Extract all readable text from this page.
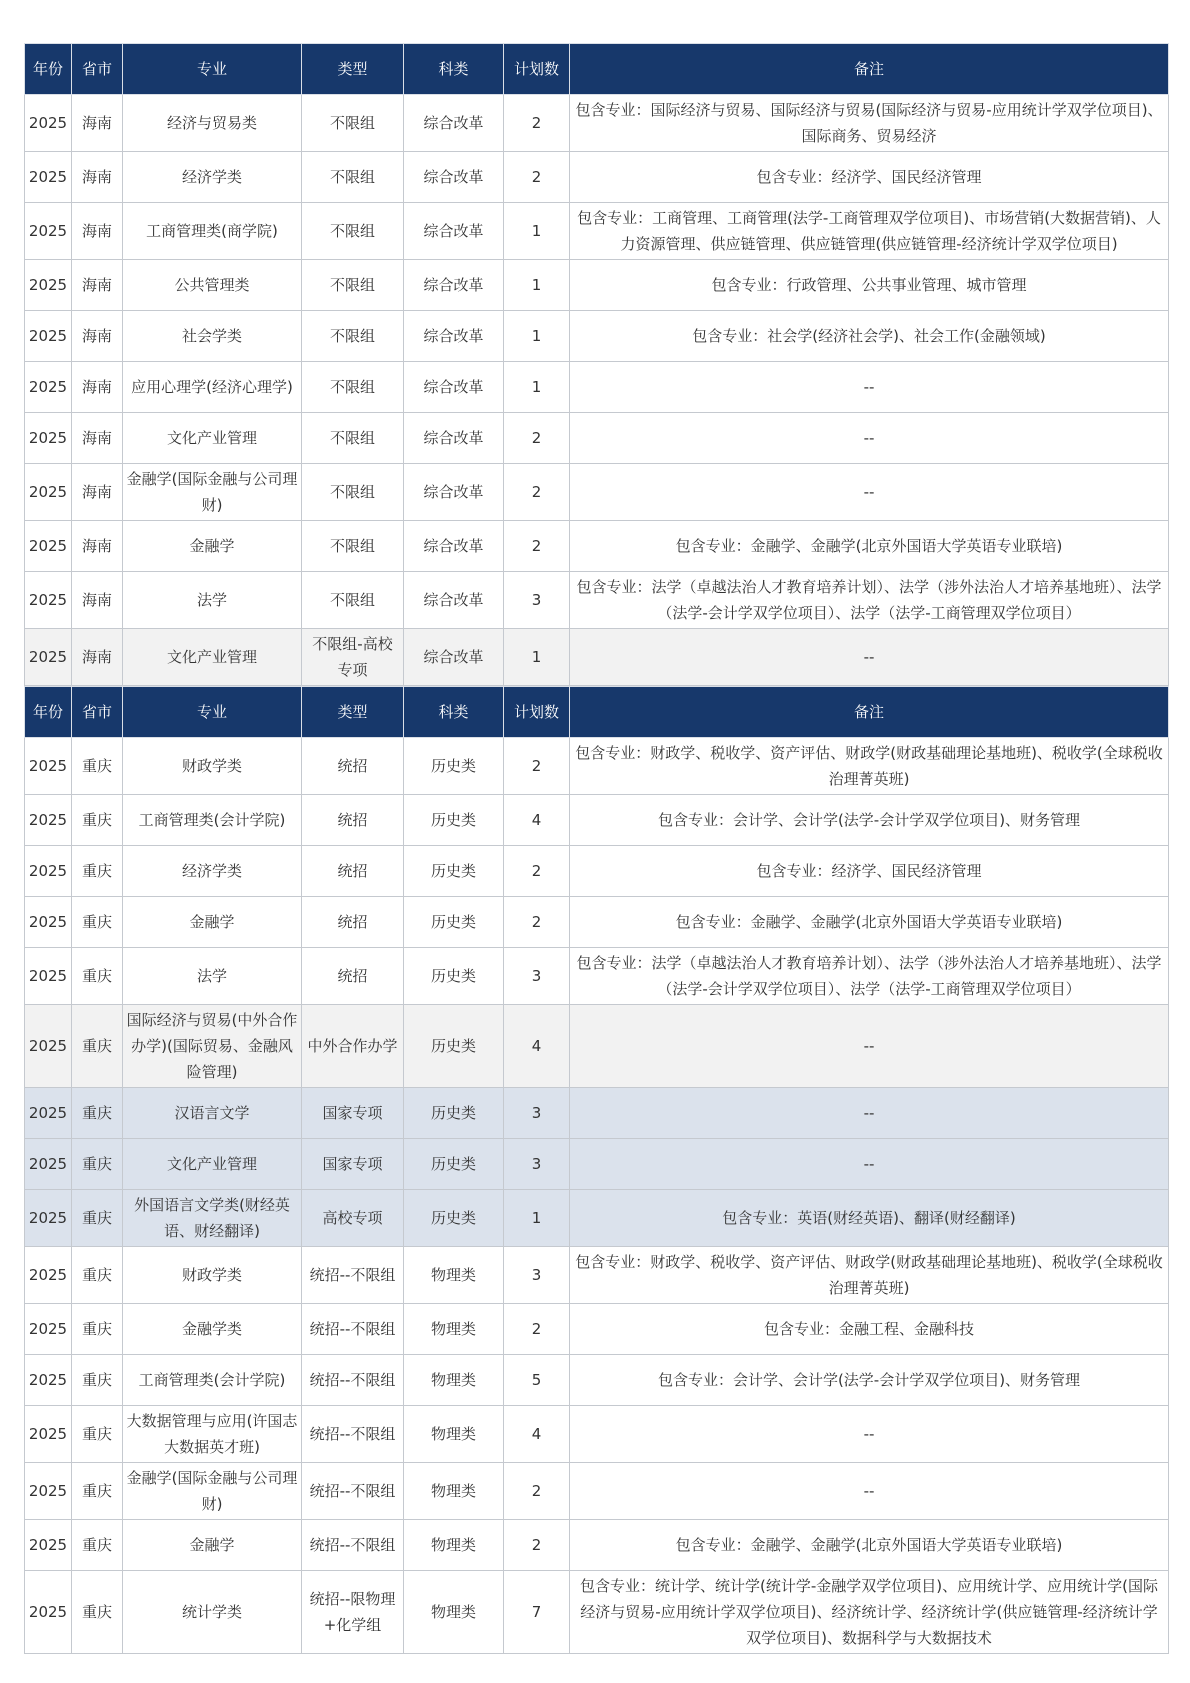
年份	省市	专业	类型	科类	计划数	备注
2025	海南	经济与贸易类	不限组	综合改革	2	包含专业：国际经济与贸易、国际经济与贸易(国际经济与贸易-应用统计学双学位项目)、国际商务、贸易经济
2025	海南	经济学类	不限组	综合改革	2	包含专业：经济学、国民经济管理
2025	海南	工商管理类(商学院)	不限组	综合改革	1	包含专业：工商管理、工商管理(法学-工商管理双学位项目)、市场营销(大数据营销)、人力资源管理、供应链管理、供应链管理(供应链管理-经济统计学双学位项目)
2025	海南	公共管理类	不限组	综合改革	1	包含专业：行政管理、公共事业管理、城市管理
2025	海南	社会学类	不限组	综合改革	1	包含专业：社会学(经济社会学)、社会工作(金融领域)
2025	海南	应用心理学(经济心理学)	不限组	综合改革	1	--
2025	海南	文化产业管理	不限组	综合改革	2	--
2025	海南	金融学(国际金融与公司理财)	不限组	综合改革	2	--
2025	海南	金融学	不限组	综合改革	2	包含专业：金融学、金融学(北京外国语大学英语专业联培)
2025	海南	法学	不限组	综合改革	3	包含专业：法学（卓越法治人才教育培养计划）、法学（涉外法治人才培养基地班）、法学（法学-会计学双学位项目）、法学（法学-工商管理双学位项目）
2025	海南	文化产业管理	不限组-高校专项	综合改革	1	--
年份	省市	专业	类型	科类	计划数	备注
2025	重庆	财政学类	统招	历史类	2	包含专业：财政学、税收学、资产评估、财政学(财政基础理论基地班)、税收学(全球税收治理菁英班)
2025	重庆	工商管理类(会计学院)	统招	历史类	4	包含专业：会计学、会计学(法学-会计学双学位项目)、财务管理
2025	重庆	经济学类	统招	历史类	2	包含专业：经济学、国民经济管理
2025	重庆	金融学	统招	历史类	2	包含专业：金融学、金融学(北京外国语大学英语专业联培)
2025	重庆	法学	统招	历史类	3	包含专业：法学（卓越法治人才教育培养计划）、法学（涉外法治人才培养基地班）、法学（法学-会计学双学位项目）、法学（法学-工商管理双学位项目）
2025	重庆	国际经济与贸易(中外合作办学)(国际贸易、金融风险管理)	中外合作办学	历史类	4	--
2025	重庆	汉语言文学	国家专项	历史类	3	--
2025	重庆	文化产业管理	国家专项	历史类	3	--
2025	重庆	外国语言文学类(财经英语、财经翻译)	高校专项	历史类	1	包含专业：英语(财经英语)、翻译(财经翻译)
2025	重庆	财政学类	统招--不限组	物理类	3	包含专业：财政学、税收学、资产评估、财政学(财政基础理论基地班)、税收学(全球税收治理菁英班)
2025	重庆	金融学类	统招--不限组	物理类	2	包含专业：金融工程、金融科技
2025	重庆	工商管理类(会计学院)	统招--不限组	物理类	5	包含专业：会计学、会计学(法学-会计学双学位项目)、财务管理
2025	重庆	大数据管理与应用(许国志大数据英才班)	统招--不限组	物理类	4	--
2025	重庆	金融学(国际金融与公司理财)	统招--不限组	物理类	2	--
2025	重庆	金融学	统招--不限组	物理类	2	包含专业：金融学、金融学(北京外国语大学英语专业联培)
2025	重庆	统计学类	统招--限物理+化学组	物理类	7	包含专业：统计学、统计学(统计学-金融学双学位项目)、应用统计学、应用统计学(国际经济与贸易-应用统计学双学位项目)、经济统计学、经济统计学(供应链管理-经济统计学双学位项目)、数据科学与大数据技术
